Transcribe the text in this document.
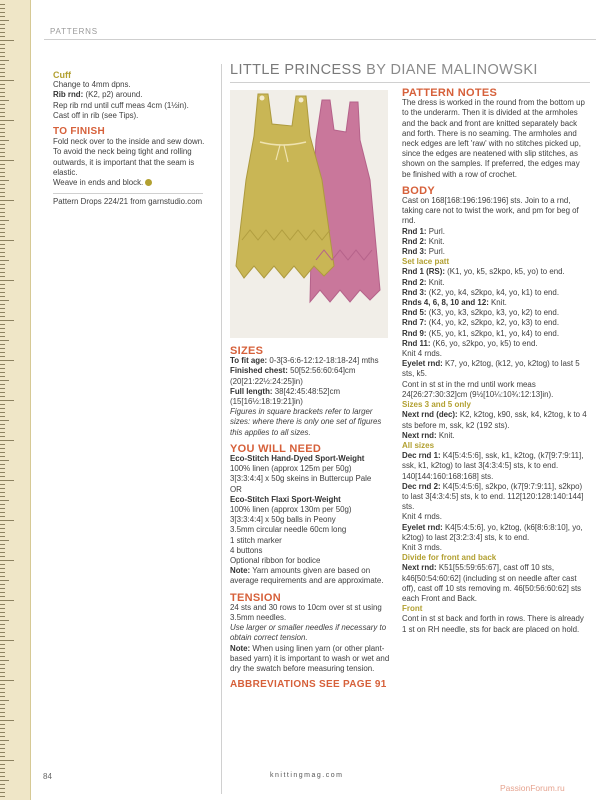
PATTERNS
LITTLE PRINCESS BY DIANE MALINOWSKI

Cuff

Change to 4mm dpns.

Rib rnd: (K2, p2) around.

Rep rib rnd until cuff meas 4cm (1½in).

Cast off in rib (see Tips).

TO FINISH

Fold neck over to the inside and sew down. To avoid the neck being tight and rolling outwards, it is important that the seam is elastic.

Weave in ends and block.

Pattern Drops 224/21 from garnstudio.com

SIZES

To fit age: 0-3[3-6:6-12:12-18:18-24] mths

Finished chest: 50[52:56:60:64]cm (20[21:22½:24:25]in)

Full length: 38[42:45:48:52]cm (15[16½:18:19:21]in)

Figures in square brackets refer to larger sizes: where there is only one set of figures this applies to all sizes.

YOU WILL NEED

Eco-Stitch Hand-Dyed Sport-Weight

100% linen (approx 125m per 50g)

3[3:3:4:4] x 50g skeins in Buttercup Pale

OR

Eco-Stitch Flaxi Sport-Weight

100% linen (approx 130m per 50g)

3[3:3:4:4] x 50g balls in Peony

3.5mm circular needle 60cm long

1 stitch marker

4 buttons

Optional ribbon for bodice

Note: Yarn amounts given are based on average requirements and are approximate.

TENSION

24 sts and 30 rows to 10cm over st st using 3.5mm needles.

Use larger or smaller needles if necessary to obtain correct tension.

Note: When using linen yarn (or other plant-based yarn) it is important to wash or wet and dry the swatch before measuring tension.

ABBREVIATIONS SEE PAGE 91

PATTERN NOTES

The dress is worked in the round from the bottom up to the underarm. Then it is divided at the armholes and the back and front are knitted separately back and forth. There is no seaming. The armholes and neck edges are left 'raw' with no stitches picked up, since the edges are neatened with slip stitches, as shown on the samples. If preferred, the edges may be finished with a row of crochet.

BODY

Cast on 168[168:196:196:196] sts. Join to a rnd, taking care not to twist the work, and pm for beg of rnd.

Rnd 1: Purl.

Rnd 2: Knit.

Rnd 3: Purl.

Set lace patt

Rnd 1 (RS): (K1, yo, k5, s2kpo, k5, yo) to end.

Rnd 2: Knit.

Rnd 3: (K2, yo, k4, s2kpo, k4, yo, k1) to end.

Rnds 4, 6, 8, 10 and 12: Knit.

Rnd 5: (K3, yo, k3, s2kpo, k3, yo, k2) to end.

Rnd 7: (K4, yo, k2, s2kpo, k2, yo, k3) to end.

Rnd 9: (K5, yo, k1, s2kpo, k1, yo, k4) to end.

Rnd 11: (K6, yo, s2kpo, yo, k5) to end.

Knit 4 rnds.

Eyelet rnd: K7, yo, k2tog, (k12, yo, k2tog) to last 5 sts, k5.

Cont in st st in the rnd until work meas 24[26:27:30:32]cm (9½[10¼:10¾:12:13]in).

Sizes 3 and 5 only

Next rnd (dec): K2, k2tog, k90, ssk, k4, k2tog, k to 4 sts before m, ssk, k2 (192 sts).

Next rnd: Knit.

All sizes

Dec rnd 1: K4[5:4:5:6], ssk, k1, k2tog, (k7[9:7:9:11], ssk, k1, k2tog) to last 3[4:3:4:5] sts, k to end. 140[144:160:168:168] sts.

Dec rnd 2: K4[5:4:5:6], s2kpo, (k7[9:7:9:11], s2kpo) to last 3[4:3:4:5] sts, k to end. 112[120:128:140:144] sts.

Knit 4 rnds.

Eyelet rnd: K4[5:4:5:6], yo, k2tog, (k6[8:6:8:10], yo, k2tog) to last 2[3:2:3:4] sts, k to end.

Knit 3 rnds.

Divide for front and back

Next rnd: K51[55:59:65:67], cast off 10 sts, k46[50:54:60:62] (including st on needle after cast off), cast off 10 sts removing m. 46[50:56:60:62] sts each Front and Back.

Front

Cont in st st back and forth in rows. There is already 1 st on RH needle, sts for back are placed on hold.

84	knittingmag.com
PassionForum.ru
